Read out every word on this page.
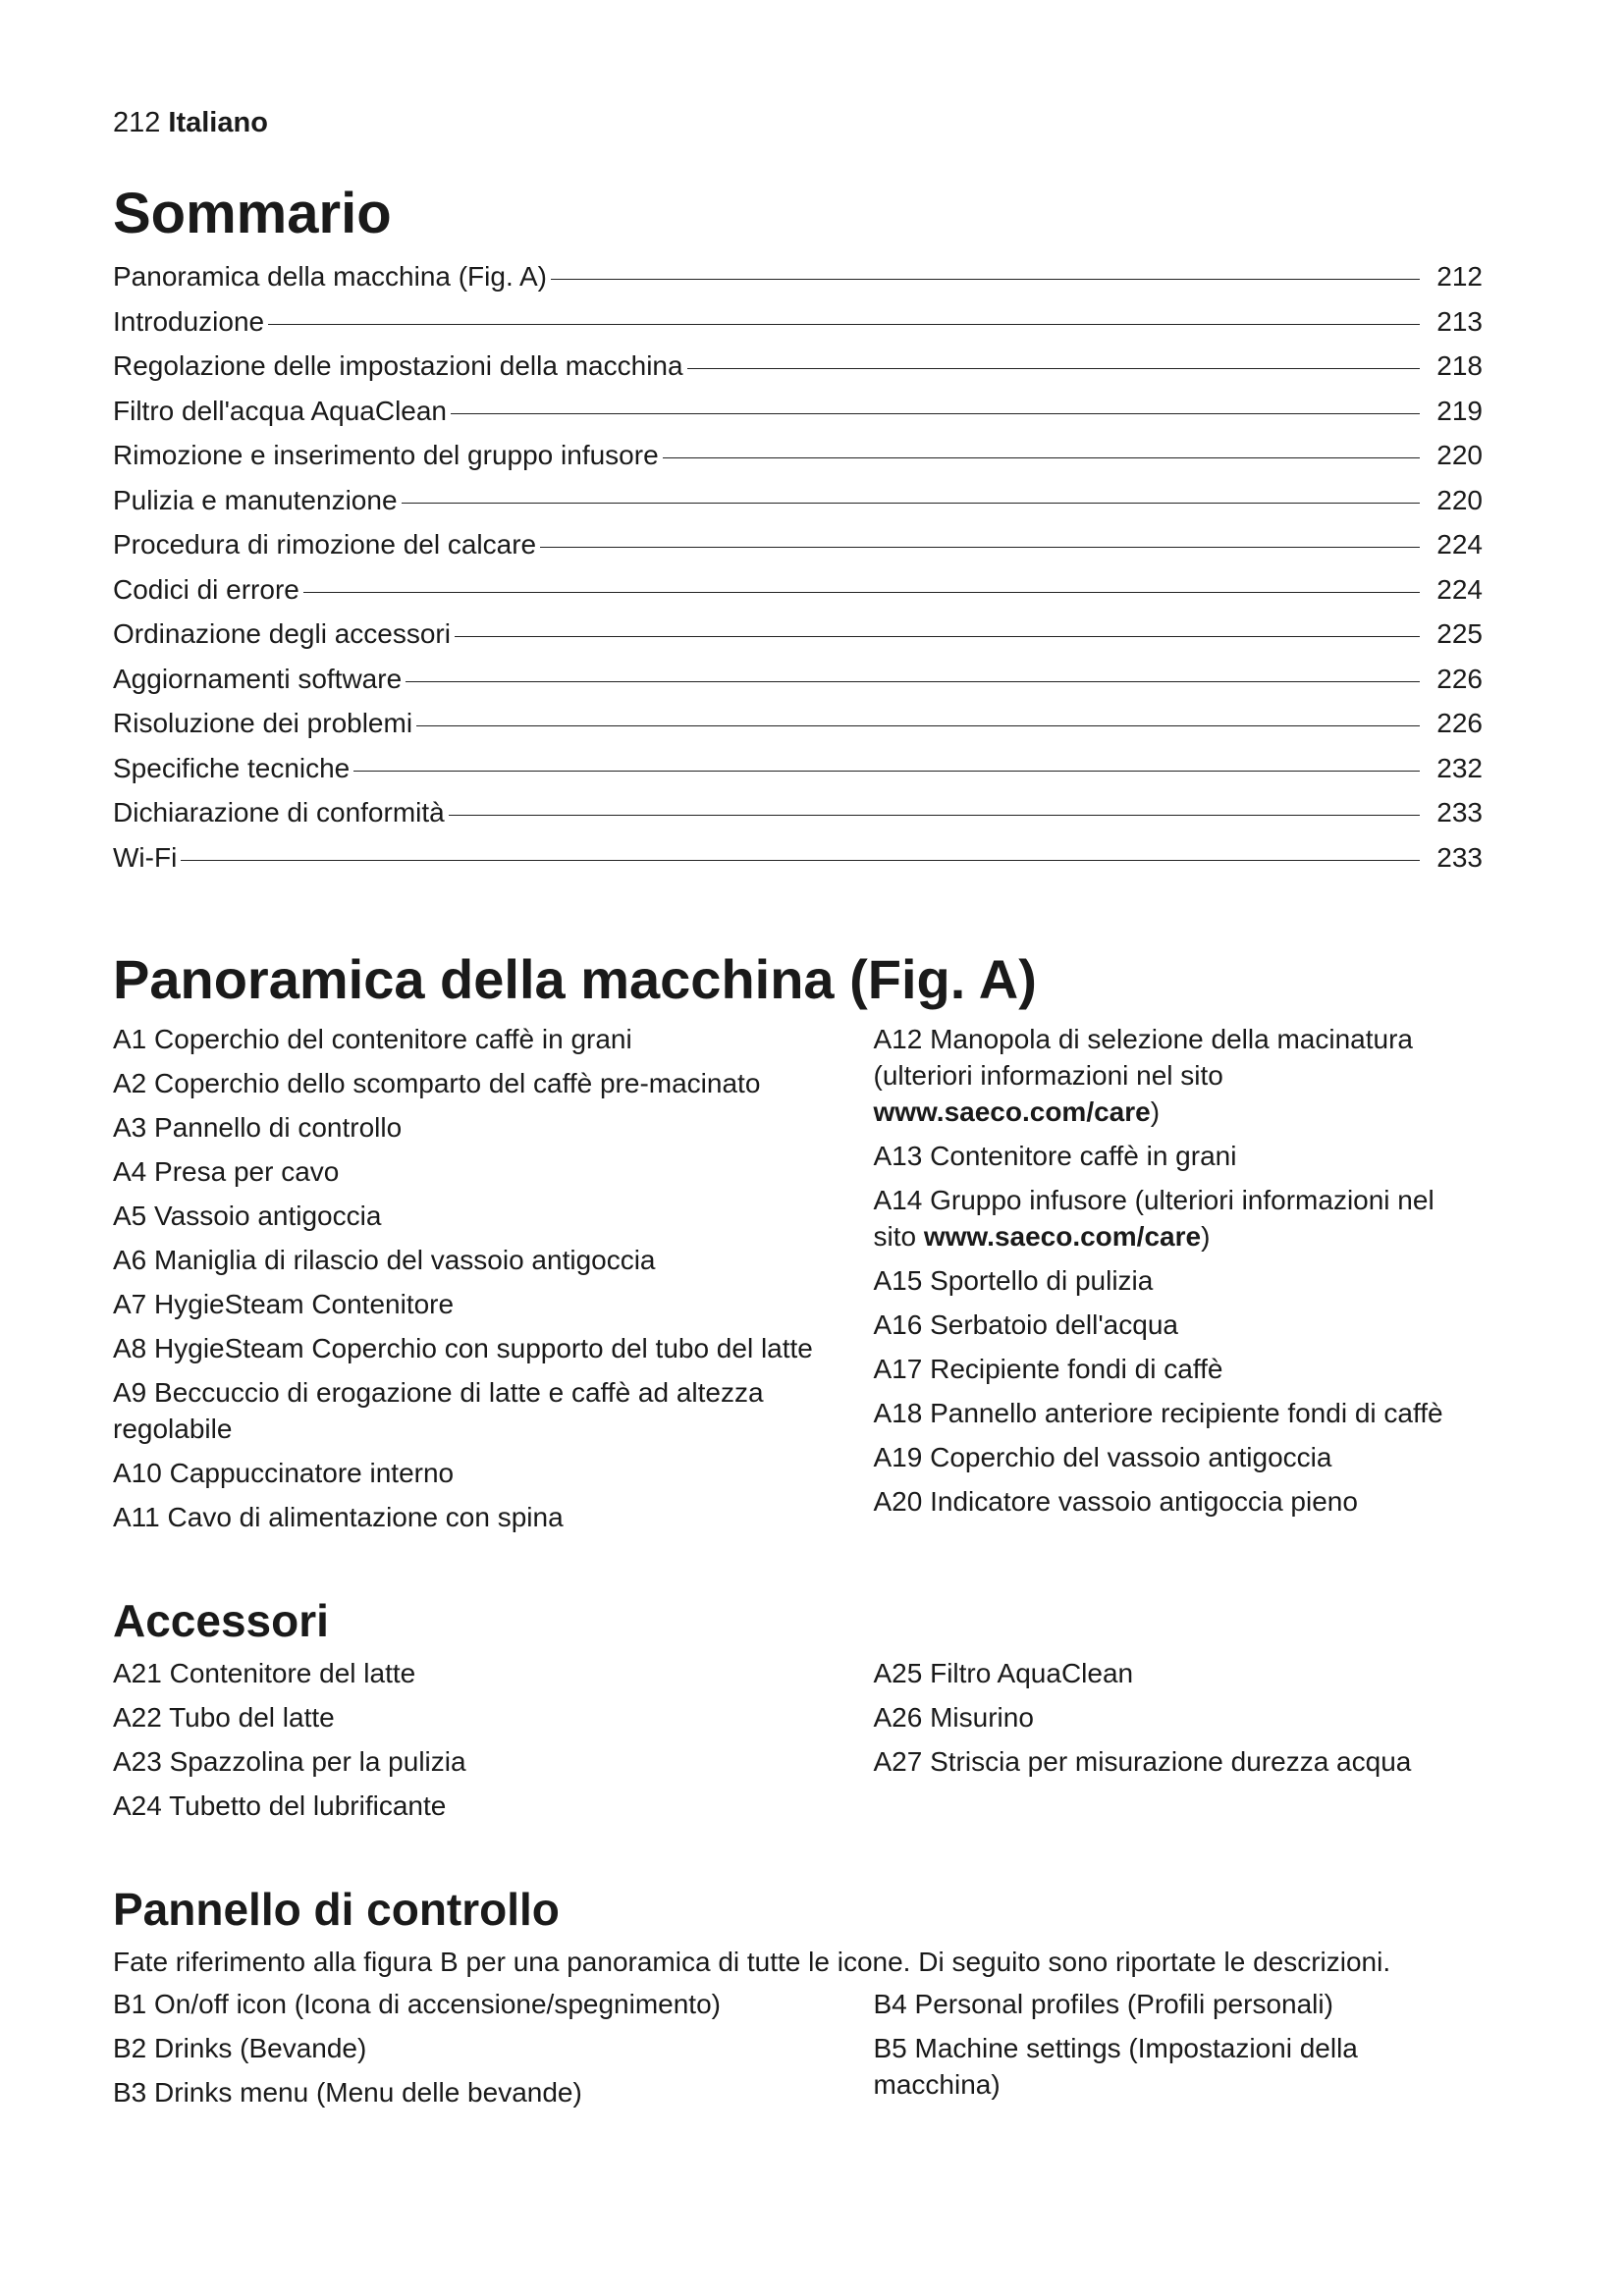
212 Italiano
Sommario
Panoramica della macchina (Fig. A)	212
Introduzione	213
Regolazione delle impostazioni della macchina	218
Filtro dell'acqua AquaClean	219
Rimozione e inserimento del gruppo infusore	220
Pulizia e manutenzione	220
Procedura di rimozione del calcare	224
Codici di errore	224
Ordinazione degli accessori	225
Aggiornamenti software	226
Risoluzione dei problemi	226
Specifiche tecniche	232
Dichiarazione di conformità	233
Wi-Fi	233
Panoramica della macchina (Fig. A)
A1 Coperchio del contenitore caffè in grani
A2 Coperchio dello scomparto del caffè pre-macinato
A3 Pannello di controllo
A4 Presa per cavo
A5 Vassoio antigoccia
A6 Maniglia di rilascio del vassoio antigoccia
A7 HygieSteam Contenitore
A8 HygieSteam Coperchio con supporto del tubo del latte
A9 Beccuccio di erogazione di latte e caffè ad altezza regolabile
A10 Cappuccinatore interno
A11 Cavo di alimentazione con spina
A12 Manopola di selezione della macinatura (ulteriori informazioni nel sito www.saeco.com/care)
A13 Contenitore caffè in grani
A14 Gruppo infusore (ulteriori informazioni nel sito www.saeco.com/care)
A15 Sportello di pulizia
A16 Serbatoio dell'acqua
A17 Recipiente fondi di caffè
A18 Pannello anteriore recipiente fondi di caffè
A19 Coperchio del vassoio antigoccia
A20 Indicatore vassoio antigoccia pieno
Accessori
A21 Contenitore del latte
A22 Tubo del latte
A23 Spazzolina per la pulizia
A24 Tubetto del lubrificante
A25 Filtro AquaClean
A26 Misurino
A27 Striscia per misurazione durezza acqua
Pannello di controllo
Fate riferimento alla figura B per una panoramica di tutte le icone. Di seguito sono riportate le descrizioni.
B1 On/off icon (Icona di accensione/spegnimento)
B2 Drinks (Bevande)
B3 Drinks menu (Menu delle bevande)
B4 Personal profiles (Profili personali)
B5 Machine settings (Impostazioni della macchina)
